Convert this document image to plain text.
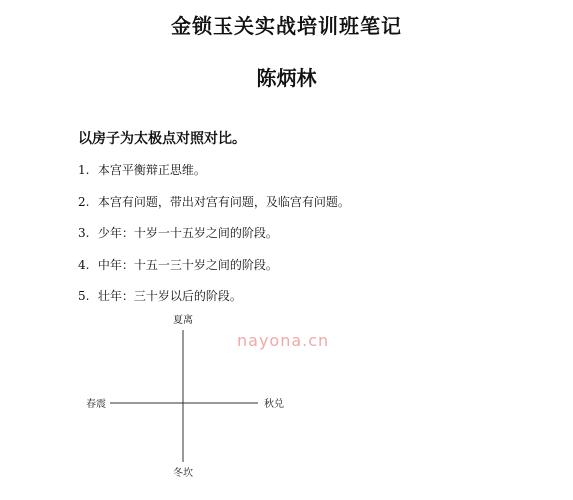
金锁玉关实战培训班笔记
陈炳林
以房子为太极点对照对比。
1. 本宫平衡辩正思维。
2. 本宫有问题，带出对宫有问题，及临宫有问题。
3. 少年：十岁一十五岁之间的阶段。
4. 中年：十五一三十岁之间的阶段。
5. 壮年：三十岁以后的阶段。
夏离
冬坎
春震	秋兑
nayona.cn
